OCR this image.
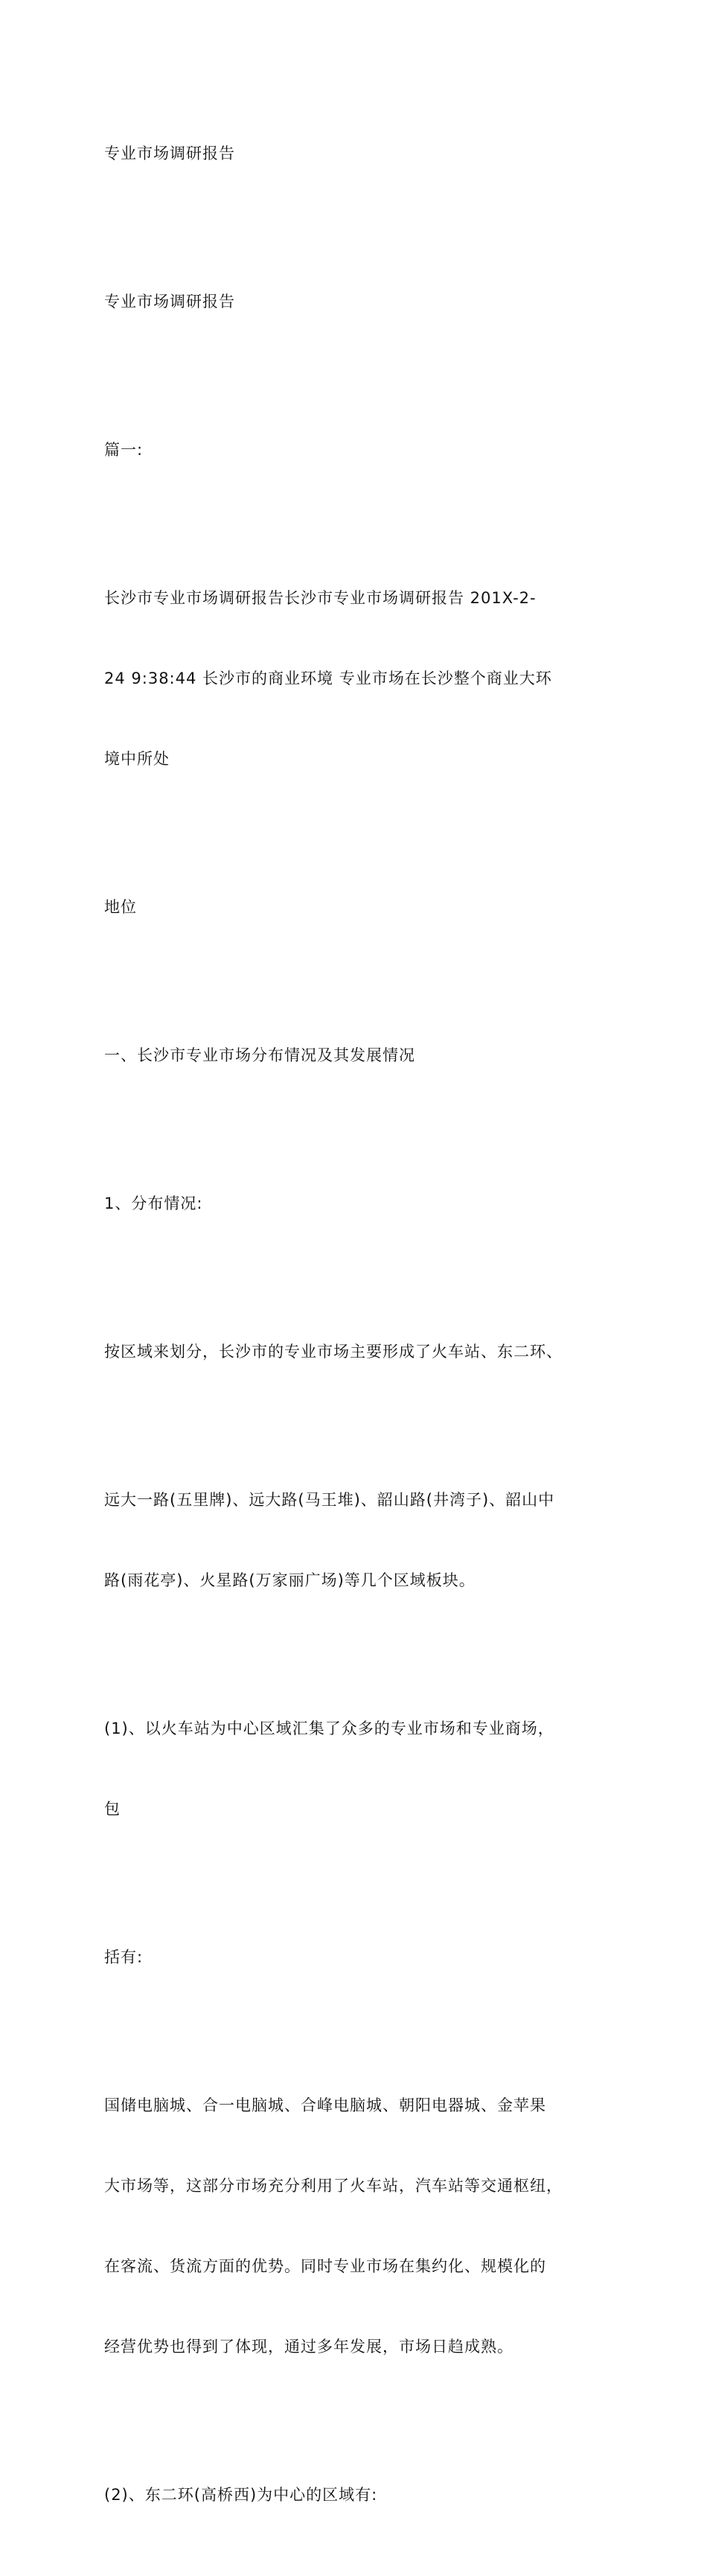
专业市场调研报告

专业市场调研报告

篇一:

长沙市专业市场调研报告长沙市专业市场调研报告 201X-2-

24 9:38:44 长沙市的商业环境 专业市场在长沙整个商业大环

境中所处

地位

一、长沙市专业市场分布情况及其发展情况

1、分布情况:

按区域来划分，长沙市的专业市场主要形成了火车站、东二环、

远大一路(五里牌)、远大路(马王堆)、韶山路(井湾子)、韶山中

路(雨花亭)、火星路(万家丽广场)等几个区域板块。

(1)、以火车站为中心区域汇集了众多的专业市场和专业商场，

包

括有:

国储电脑城、合一电脑城、合峰电脑城、朝阳电器城、金苹果

大市场等，这部分市场充分利用了火车站，汽车站等交通枢纽，

在客流、货流方面的优势。同时专业市场在集约化、规模化的

经营优势也得到了体现，通过多年发展，市场日趋成熟。

(2)、东二环(高桥西)为中心的区域有:
